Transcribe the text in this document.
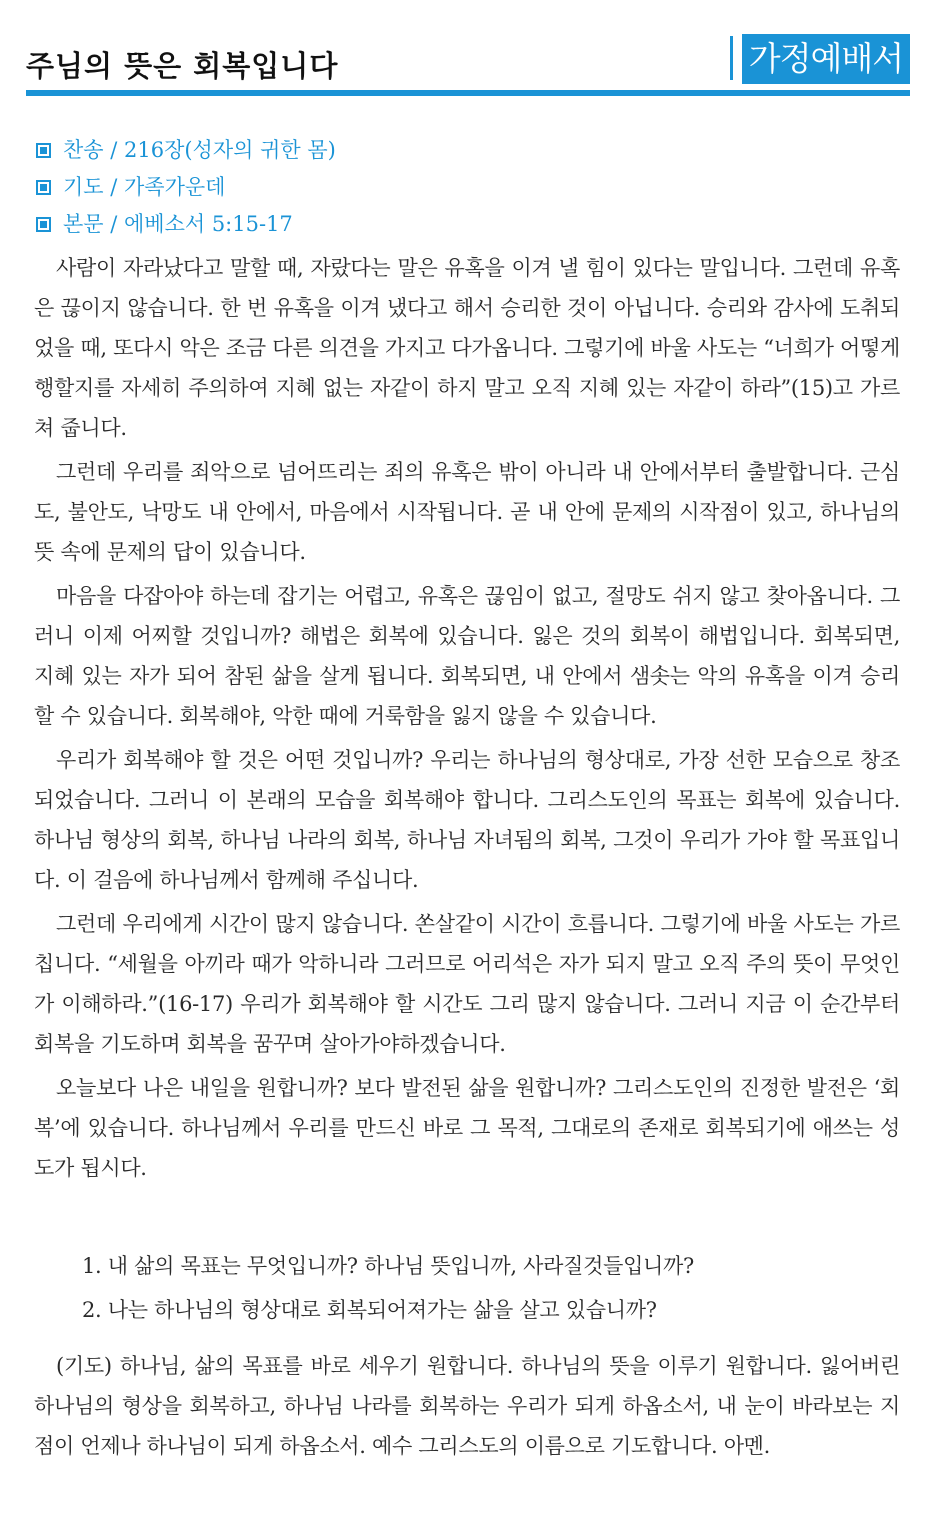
주님의 뜻은 회복입니다	가정예배서
찬송 / 216장(성자의 귀한 몸)
기도 / 가족가운데
본문 / 에베소서 5:15-17

사람이 자라났다고 말할 때, 자랐다는 말은 유혹을 이겨 낼 힘이 있다는 말입니다. 그런데 유혹은 끊이지 않습니다. 한 번 유혹을 이겨 냈다고 해서 승리한 것이 아닙니다. 승리와 감사에 도취되었을 때, 또다시 악은 조금 다른 의견을 가지고 다가옵니다. 그렇기에 바울 사도는 “너희가 어떻게 행할지를 자세히 주의하여 지혜 없는 자같이 하지 말고 오직 지혜 있는 자같이 하라”(15)고 가르쳐 줍니다.

그런데 우리를 죄악으로 넘어뜨리는 죄의 유혹은 밖이 아니라 내 안에서부터 출발합니다. 근심도, 불안도, 낙망도 내 안에서, 마음에서 시작됩니다. 곧 내 안에 문제의 시작점이 있고, 하나님의 뜻 속에 문제의 답이 있습니다.

마음을 다잡아야 하는데 잡기는 어렵고, 유혹은 끊임이 없고, 절망도 쉬지 않고 찾아옵니다. 그러니 이제 어찌할 것입니까? 해법은 회복에 있습니다. 잃은 것의 회복이 해법입니다. 회복되면, 지혜 있는 자가 되어 참된 삶을 살게 됩니다. 회복되면, 내 안에서 샘솟는 악의 유혹을 이겨 승리할 수 있습니다. 회복해야, 악한 때에 거룩함을 잃지 않을 수 있습니다.

우리가 회복해야 할 것은 어떤 것입니까? 우리는 하나님의 형상대로, 가장 선한 모습으로 창조되었습니다. 그러니 이 본래의 모습을 회복해야 합니다. 그리스도인의 목표는 회복에 있습니다. 하나님 형상의 회복, 하나님 나라의 회복, 하나님 자녀됨의 회복, 그것이 우리가 가야 할 목표입니다. 이 걸음에 하나님께서 함께해 주십니다.

그런데 우리에게 시간이 많지 않습니다. 쏜살같이 시간이 흐릅니다. 그렇기에 바울 사도는 가르칩니다. “세월을 아끼라 때가 악하니라 그러므로 어리석은 자가 되지 말고 오직 주의 뜻이 무엇인가 이해하라.”(16-17) 우리가 회복해야 할 시간도 그리 많지 않습니다. 그러니 지금 이 순간부터 회복을 기도하며 회복을 꿈꾸며 살아가야하겠습니다.

오늘보다 나은 내일을 원합니까? 보다 발전된 삶을 원합니까? 그리스도인의 진정한 발전은 ‘회복’에 있습니다. 하나님께서 우리를 만드신 바로 그 목적, 그대로의 존재로 회복되기에 애쓰는 성도가 됩시다.

1. 내 삶의 목표는 무엇입니까? 하나님 뜻입니까, 사라질것들입니까?
2. 나는 하나님의 형상대로 회복되어져가는 삶을 살고 있습니까?

(기도) 하나님, 삶의 목표를 바로 세우기 원합니다. 하나님의 뜻을 이루기 원합니다. 잃어버린 하나님의 형상을 회복하고, 하나님 나라를 회복하는 우리가 되게 하옵소서, 내 눈이 바라보는 지점이 언제나 하나님이 되게 하옵소서. 예수 그리스도의 이름으로 기도합니다. 아멘.
